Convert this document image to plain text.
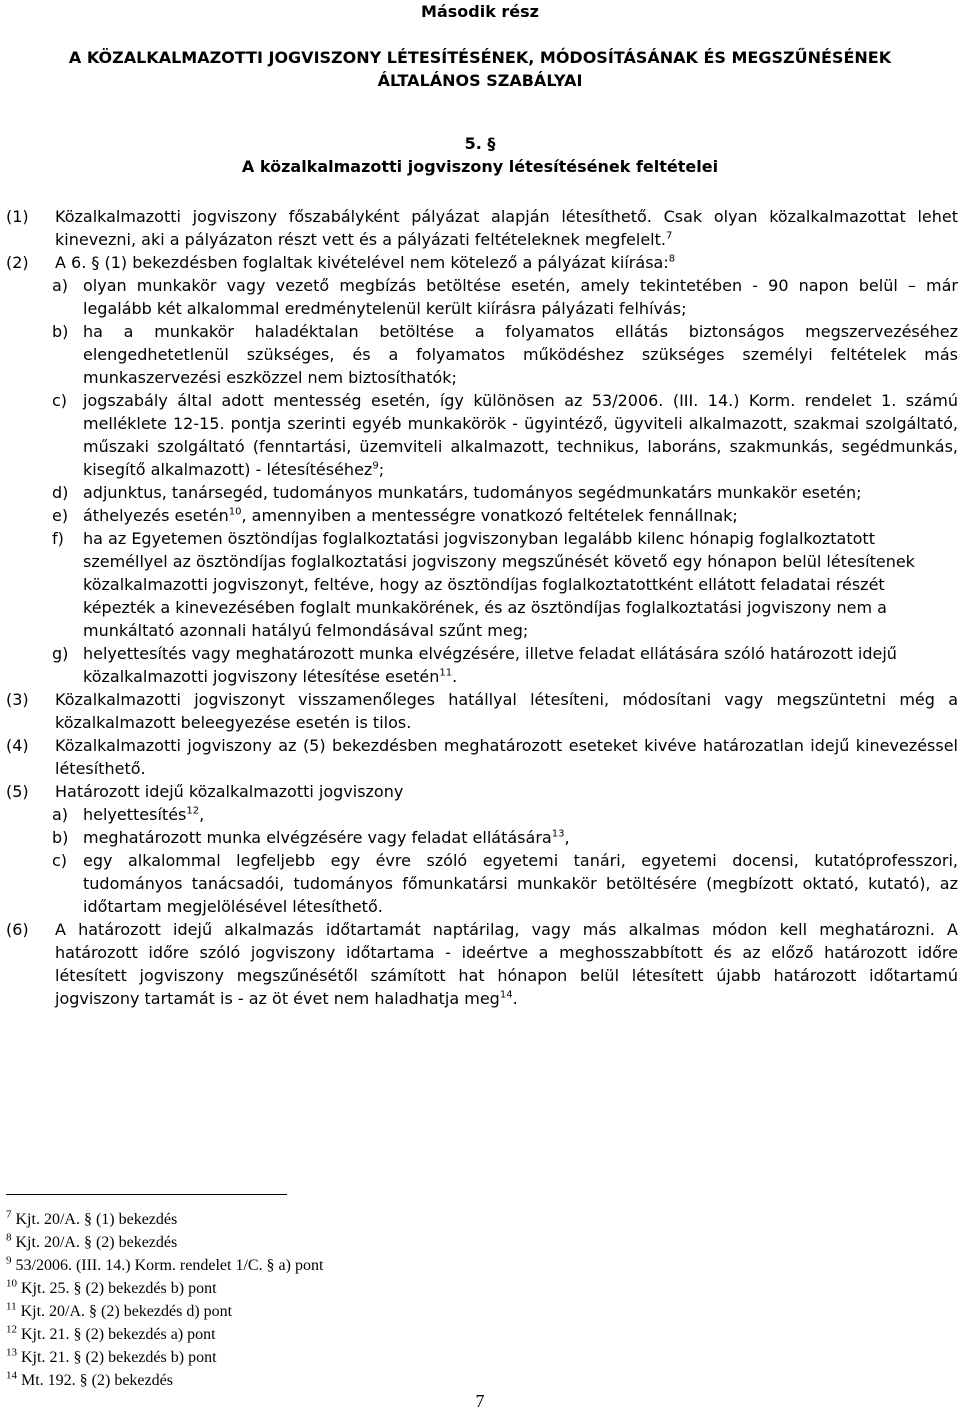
Második rész
A KÖZALKALMAZOTTI JOGVISZONY LÉTESÍTÉSÉNEK, MÓDOSÍTÁSÁNAK ÉS MEGSZŰNÉSÉNEK
ÁLTALÁNOS SZABÁLYAI
5. §
A közalkalmazotti jogviszony létesítésének feltételei

(1) Közalkalmazotti jogviszony főszabályként pályázat alapján létesíthető. Csak olyan közalkalmazottat lehet kinevezni, aki a pályázaton részt vett és a pályázati feltételeknek megfelelt.$^7$

(2) A 6. § (1) bekezdésben foglaltak kivételével nem kötelező a pályázat kiírása:$^8$

a) olyan munkakör vagy vezető megbízás betöltése esetén, amely tekintetében - 90 napon belül – már legalább két alkalommal eredménytelenül került kiírásra pályázati felhívás;

b) ha a munkakör haladéktalan betöltése a folyamatos ellátás biztonságos megszervezéséhez elengedhetetlenül szükséges, és a folyamatos működéshez szükséges személyi feltételek más munkaszervezési eszközzel nem biztosíthatók;

c) jogszabály által adott mentesség esetén, így különösen az 53/2006. (III. 14.) Korm. rendelet 1. számú melléklete 12-15. pontja szerinti egyéb munkakörök - ügyintéző, ügyviteli alkalmazott, szakmai szolgáltató, műszaki szolgáltató (fenntartási, üzemviteli alkalmazott, technikus, laboráns, szakmunkás, segédmunkás, kisegítő alkalmazott) - létesítéséhez$^9$;

d) adjunktus, tanársegéd, tudományos munkatárs, tudományos segédmunkatárs munkakör esetén;

e) áthelyezés esetén$^{10}$, amennyiben a mentességre vonatkozó feltételek fennállnak;

f) ha az Egyetemen ösztöndíjas foglalkoztatási jogviszonyban legalább kilenc hónapig foglalkoztatott személlyel az ösztöndíjas foglalkoztatási jogviszony megszűnését követő egy hónapon belül létesítenek közalkalmazotti jogviszonyt, feltéve, hogy az ösztöndíjas foglalkoztatottként ellátott feladatai részét képezték a kinevezésében foglalt munkakörének, és az ösztöndíjas foglalkoztatási jogviszony nem a munkáltató azonnali hatályú felmondásával szűnt meg;

g) helyettesítés vagy meghatározott munka elvégzésére, illetve feladat ellátására szóló határozott idejű közalkalmazotti jogviszony létesítése esetén$^{11}$.

(3) Közalkalmazotti jogviszonyt visszamenőleges hatállyal létesíteni, módosítani vagy megszüntetni még a közalkalmazott beleegyezése esetén is tilos.

(4) Közalkalmazotti jogviszony az (5) bekezdésben meghatározott eseteket kivéve határozatlan idejű kinevezéssel létesíthető.

(5) Határozott idejű közalkalmazotti jogviszony

a) helyettesítés$^{12}$,

b) meghatározott munka elvégzésére vagy feladat ellátására$^{13}$,

c) egy alkalommal legfeljebb egy évre szóló egyetemi tanári, egyetemi docensi, kutatóprofesszori, tudományos tanácsadói, tudományos főmunkatársi munkakör betöltésére (megbízott oktató, kutató), az időtartam megjelölésével létesíthető.

(6) A határozott idejű alkalmazás időtartamát naptárilag, vagy más alkalmas módon kell meghatározni. A határozott időre szóló jogviszony időtartama - ideértve a meghosszabbított és az előző határozott időre létesített jogviszony megszűnésétől számított hat hónapon belül létesített újabb határozott időtartamú jogviszony tartamát is - az öt évet nem haladhatja meg$^{14}$.

$^7$ Kjt. 20/A. § (1) bekezdés

$^8$ Kjt. 20/A. § (2) bekezdés

$^9$ 53/2006. (III. 14.) Korm. rendelet 1/C. § a) pont

$^{10}$ Kjt. 25. § (2) bekezdés b) pont

$^{11}$ Kjt. 20/A. § (2) bekezdés d) pont

$^{12}$ Kjt. 21. § (2) bekezdés a) pont

$^{13}$ Kjt. 21. § (2) bekezdés b) pont

$^{14}$ Mt. 192. § (2) bekezdés

7
